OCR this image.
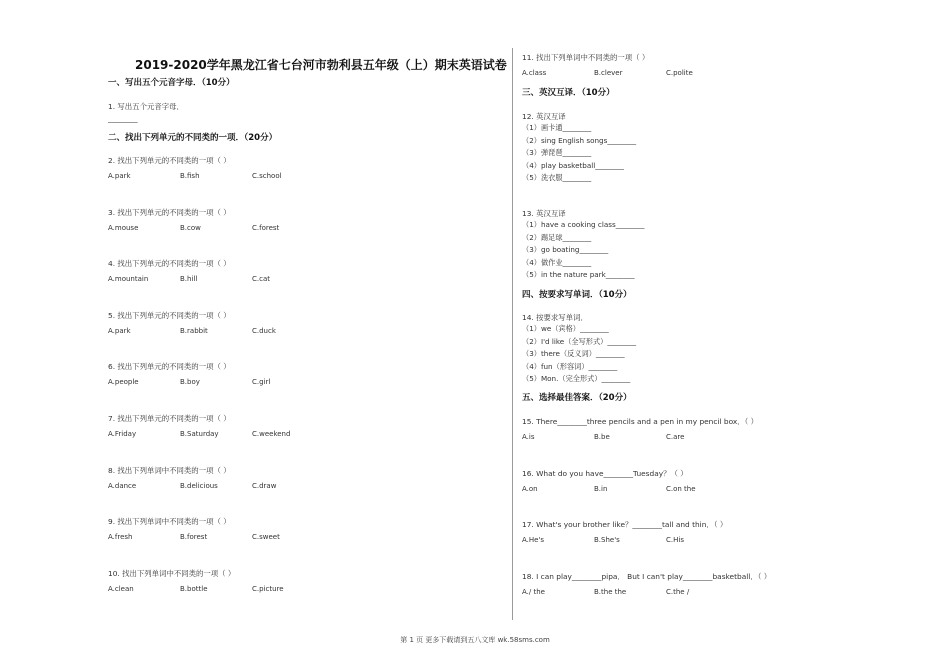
2019-2020学年黑龙江省七台河市勃利县五年级（上）期末英语试卷
一、写出五个元音字母．（10分）
1. 写出五个元音字母．
________
二、找出下列单元的不同类的一项．（20分）
2. 找出下列单元的不同类的一项（ ）
A.park	B.fish	C.school
3. 找出下列单元的不同类的一项（ ）
A.mouse	B.cow	C.forest
4. 找出下列单元的不同类的一项（ ）
A.mountain	B.hill	C.cat
5. 找出下列单元的不同类的一项（ ）
A.park	B.rabbit	C.duck
6. 找出下列单元的不同类的一项（ ）
A.people	B.boy	C.girl
7. 找出下列单元的不同类的一项（ ）
A.Friday	B.Saturday	C.weekend
8. 找出下列单词中不同类的一项（ ）
A.dance	B.delicious	C.draw
9. 找出下列单词中不同类的一项（ ）
A.fresh	B.forest	C.sweet
10. 找出下列单词中不同类的一项（ ）
A.clean	B.bottle	C.picture
11. 找出下列单词中不同类的一项（ ）
A.class	B.clever	C.polite
三、英汉互译．（10分）
12. 英汉互译
（1）画卡通________
（2）sing English songs________
（3）弹琵琶________
（4）play basketball________
（5）洗衣服________
13. 英汉互译
（1）have a cooking class________
（2）踢足球________
（3）go boating________
（4）做作业________
（5）in the nature park________
四、按要求写单词．（10分）
14. 按要求写单词．
（1）we（宾格）________
（2）I'd like（全写形式）________
（3）there（反义词）________
（4）fun（形容词）________
（5）Mon.（完全形式）________
五、选择最佳答案．（20分）
15. There________three pencils and a pen in my pencil box．（ ）
A.is	B.be	C.are
16. What do you have________Tuesday？（ ）
A.on	B.in	C.on the
17. What's your brother like？________tall and thin．（ ）
A.He's	B.She's	C.His
18. I can play________pipa． But I can't play________basketball．（ ）
A./ the	B.the the	C.the /
第 1 页 更多下载请到五八文库 wk.58sms.com
